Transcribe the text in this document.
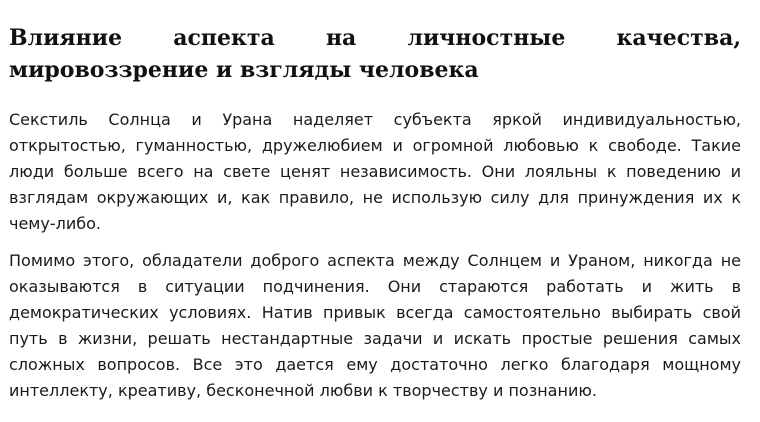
Влияние аспекта на личностные качества, мировоззрение и взгляды человека

Секстиль Солнца и Урана наделяет субъекта яркой индивидуальностью, открытостью, гуманностью, дружелюбием и огромной любовью к свободе. Такие люди больше всего на свете ценят независимость. Они лояльны к поведению и взглядам окружающих и, как правило, не использую силу для принуждения их к чему-либо.

Помимо этого, обладатели доброго аспекта между Солнцем и Ураном, никогда не оказываются в ситуации подчинения. Они стараются работать и жить в демократических условиях. Натив привык всегда самостоятельно выбирать свой путь в жизни, решать нестандартные задачи и искать простые решения самых сложных вопросов. Все это дается ему достаточно легко благодаря мощному интеллекту, креативу, бесконечной любви к творчеству и познанию.
